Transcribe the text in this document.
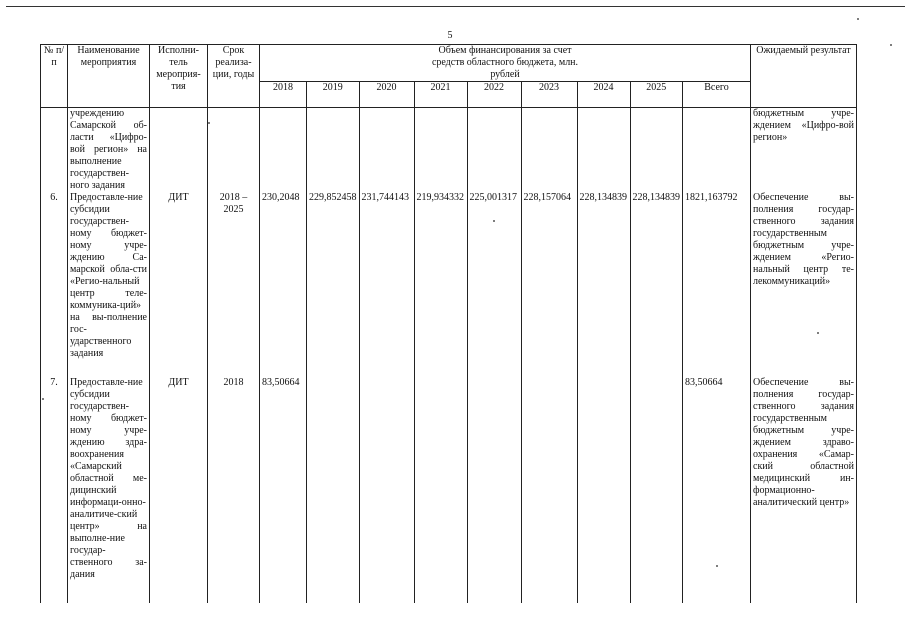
5
№ п/п	Наименование мероприятия	Исполни-тель мероприя-тия	Срок реализа-ции, годы	Объем финансирования за счет средств областного бюджета, млн. рублей									Ожидаемый результат
				2018	2019	2020	2021	2022	2023	2024	2025	Всего	
	учреждению Самарской об-ласти «Цифро-вой регион» на выполнение государствен-ного задания												бюджетным учре-ждением «Цифро-вой регион»
6.	Предоставле-ние субсидии государствен-ному бюджет-ному учре-ждению Са-марской обла-сти «Регио-нальный центр теле-коммуника-ций» на вы-полнение гос-ударственного задания	ДИТ	2018 – 2025	230,2048	229,852458	231,744143	219,934332	225,001317	228,157064	228,134839	228,134839	1821,163792	Обеспечение вы-полнения государ-ственного задания государственным бюджетным учре-ждением «Регио-нальный центр те-лекоммуникаций»
7.	Предоставле-ние субсидии государствен-ному бюджет-ному учре-ждению здра-воохранения «Самарский областной ме-дицинский информаци-онно-аналитиче-ский центр» на выполне-ние государ-ственного за-дания	ДИТ	2018	83,50664								83,50664	Обеспечение вы-полнения государ-ственного задания государственным бюджетным учре-ждением здраво-охранения «Самар-ский областной медицинский ин-формационно-аналитический центр»
